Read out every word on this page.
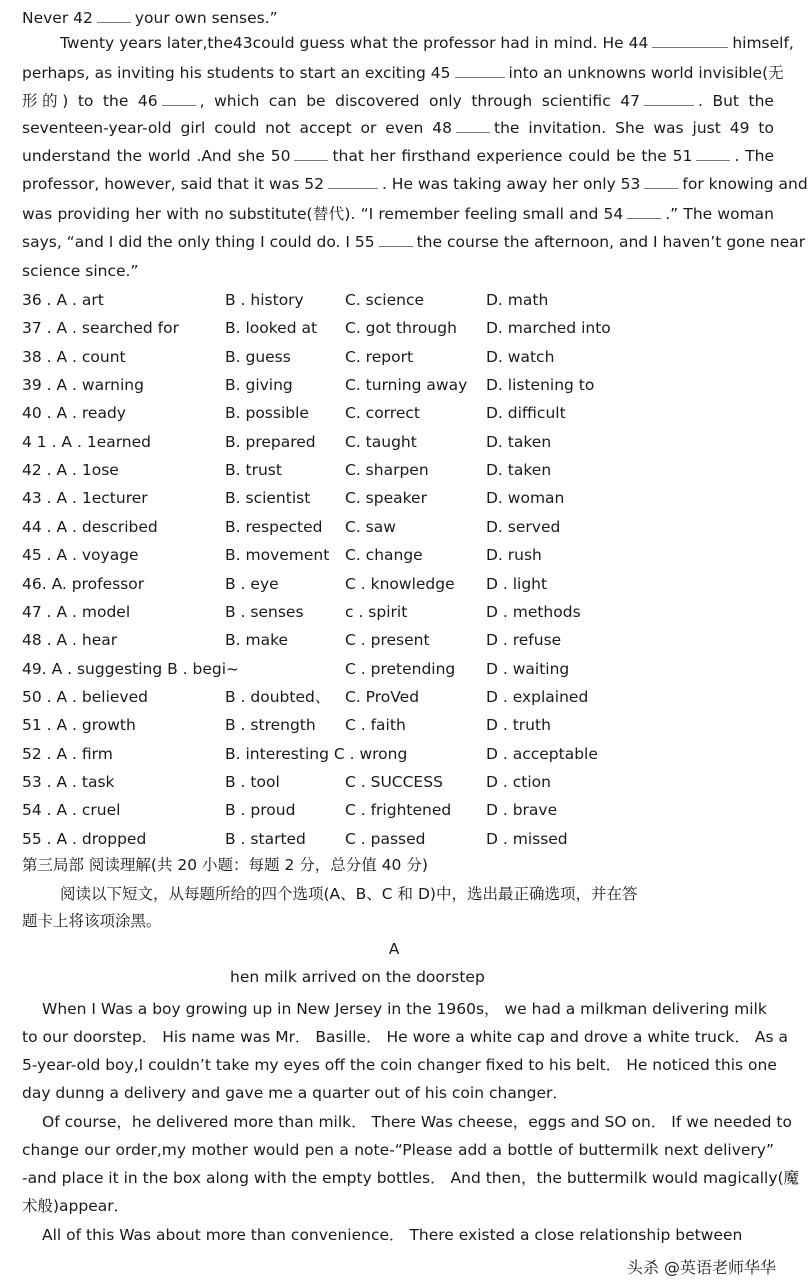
Never 42	your own senses.”
Twenty years later,the43could guess what the professor had in mind. He 44	himself,
perhaps, as inviting his students to start an exciting 45	into an unknowns world invisible(无
形的) to the 46	, which can be discovered only through scientific 47	. But the
seventeen-year-old girl could not accept or even 48	the invitation. She was just 49 to
understand the world .And she 50	that her firsthand experience could be the 51	. The
professor, however, said that it was 52	. He was taking away her only 53	for knowing and
was providing her with no substitute(替代). “I remember feeling small and 54	.” The woman
says, “and I did the only thing I could do. I 55	the course the afternoon, and I haven’t gone near
science since.”
36 . A . art	B . history	C. science	D. math
37 . A . searched for	B. looked at C. got through D. marched into
38 . A . count	B. guess	C. report	D. watch
39 . A . warning	B. giving	C. turning away D. listening to
40 . A . ready	B. possible C. correct	D. difficult
4 1 . A . 1earned	B. prepared C. taught	D. taken
42 . A . 1ose	B. trust	C. sharpen	D. taken
43 . A . 1ecturer	B. scientist C. speaker	D. woman
44 . A . described	B. respected C. saw	D. served
45 . A . voyage	B. movement C. change	D. rush
46. A. professor	B . eye	C . knowledge D . light
47 . A . model	B . senses	c . spirit	D . methods
48 . A . hear	B. make	C . present	D . refuse
49. A . suggesting B . begi~	C . pretending D . waiting
50 . A . believed	B . doubted、 C. ProVed	D . explained
51 . A . growth	B . strength C . faith	D . truth
52 . A . firm	B. interesting C . wrong	D . acceptable
53 . A . task	B . tool	C . SUCCESS	D . ction
54 . A . cruel	B . proud	C . frightened D . brave
55 . A . dropped	B . started	C . passed	D . missed
第三局部 阅读理解(共 20 小题：每题 2 分，总分值 40 分)
阅读以下短文，从每题所给的四个选项(A、B、C 和 D)中，选出最正确选项，并在答
题卡上将该项涂黑。
A
hen milk arrived on the doorstep
When I Was a boy growing up in New Jersey in the 1960s， we had a milkman delivering milk
to our doorstep． His name was Mr． Basille． He wore a white cap and drove a white truck． As a
5-year-old boy,I couldn’t take my eyes off the coin changer fixed to his belt． He noticed this one
day dunng a delivery and gave me a quarter out of his coin changer．
Of course，he delivered more than milk． There Was cheese，eggs and SO on． If we needed to
change our order,my mother would pen a note-“Please add a bottle of buttermilk next delivery”
-and place it in the box along with the empty bottles． And then，the buttermilk would magically(魔
术般)appear．
All of this Was about more than convenience． There existed a close relationship between
头杀 @英语老师华华
